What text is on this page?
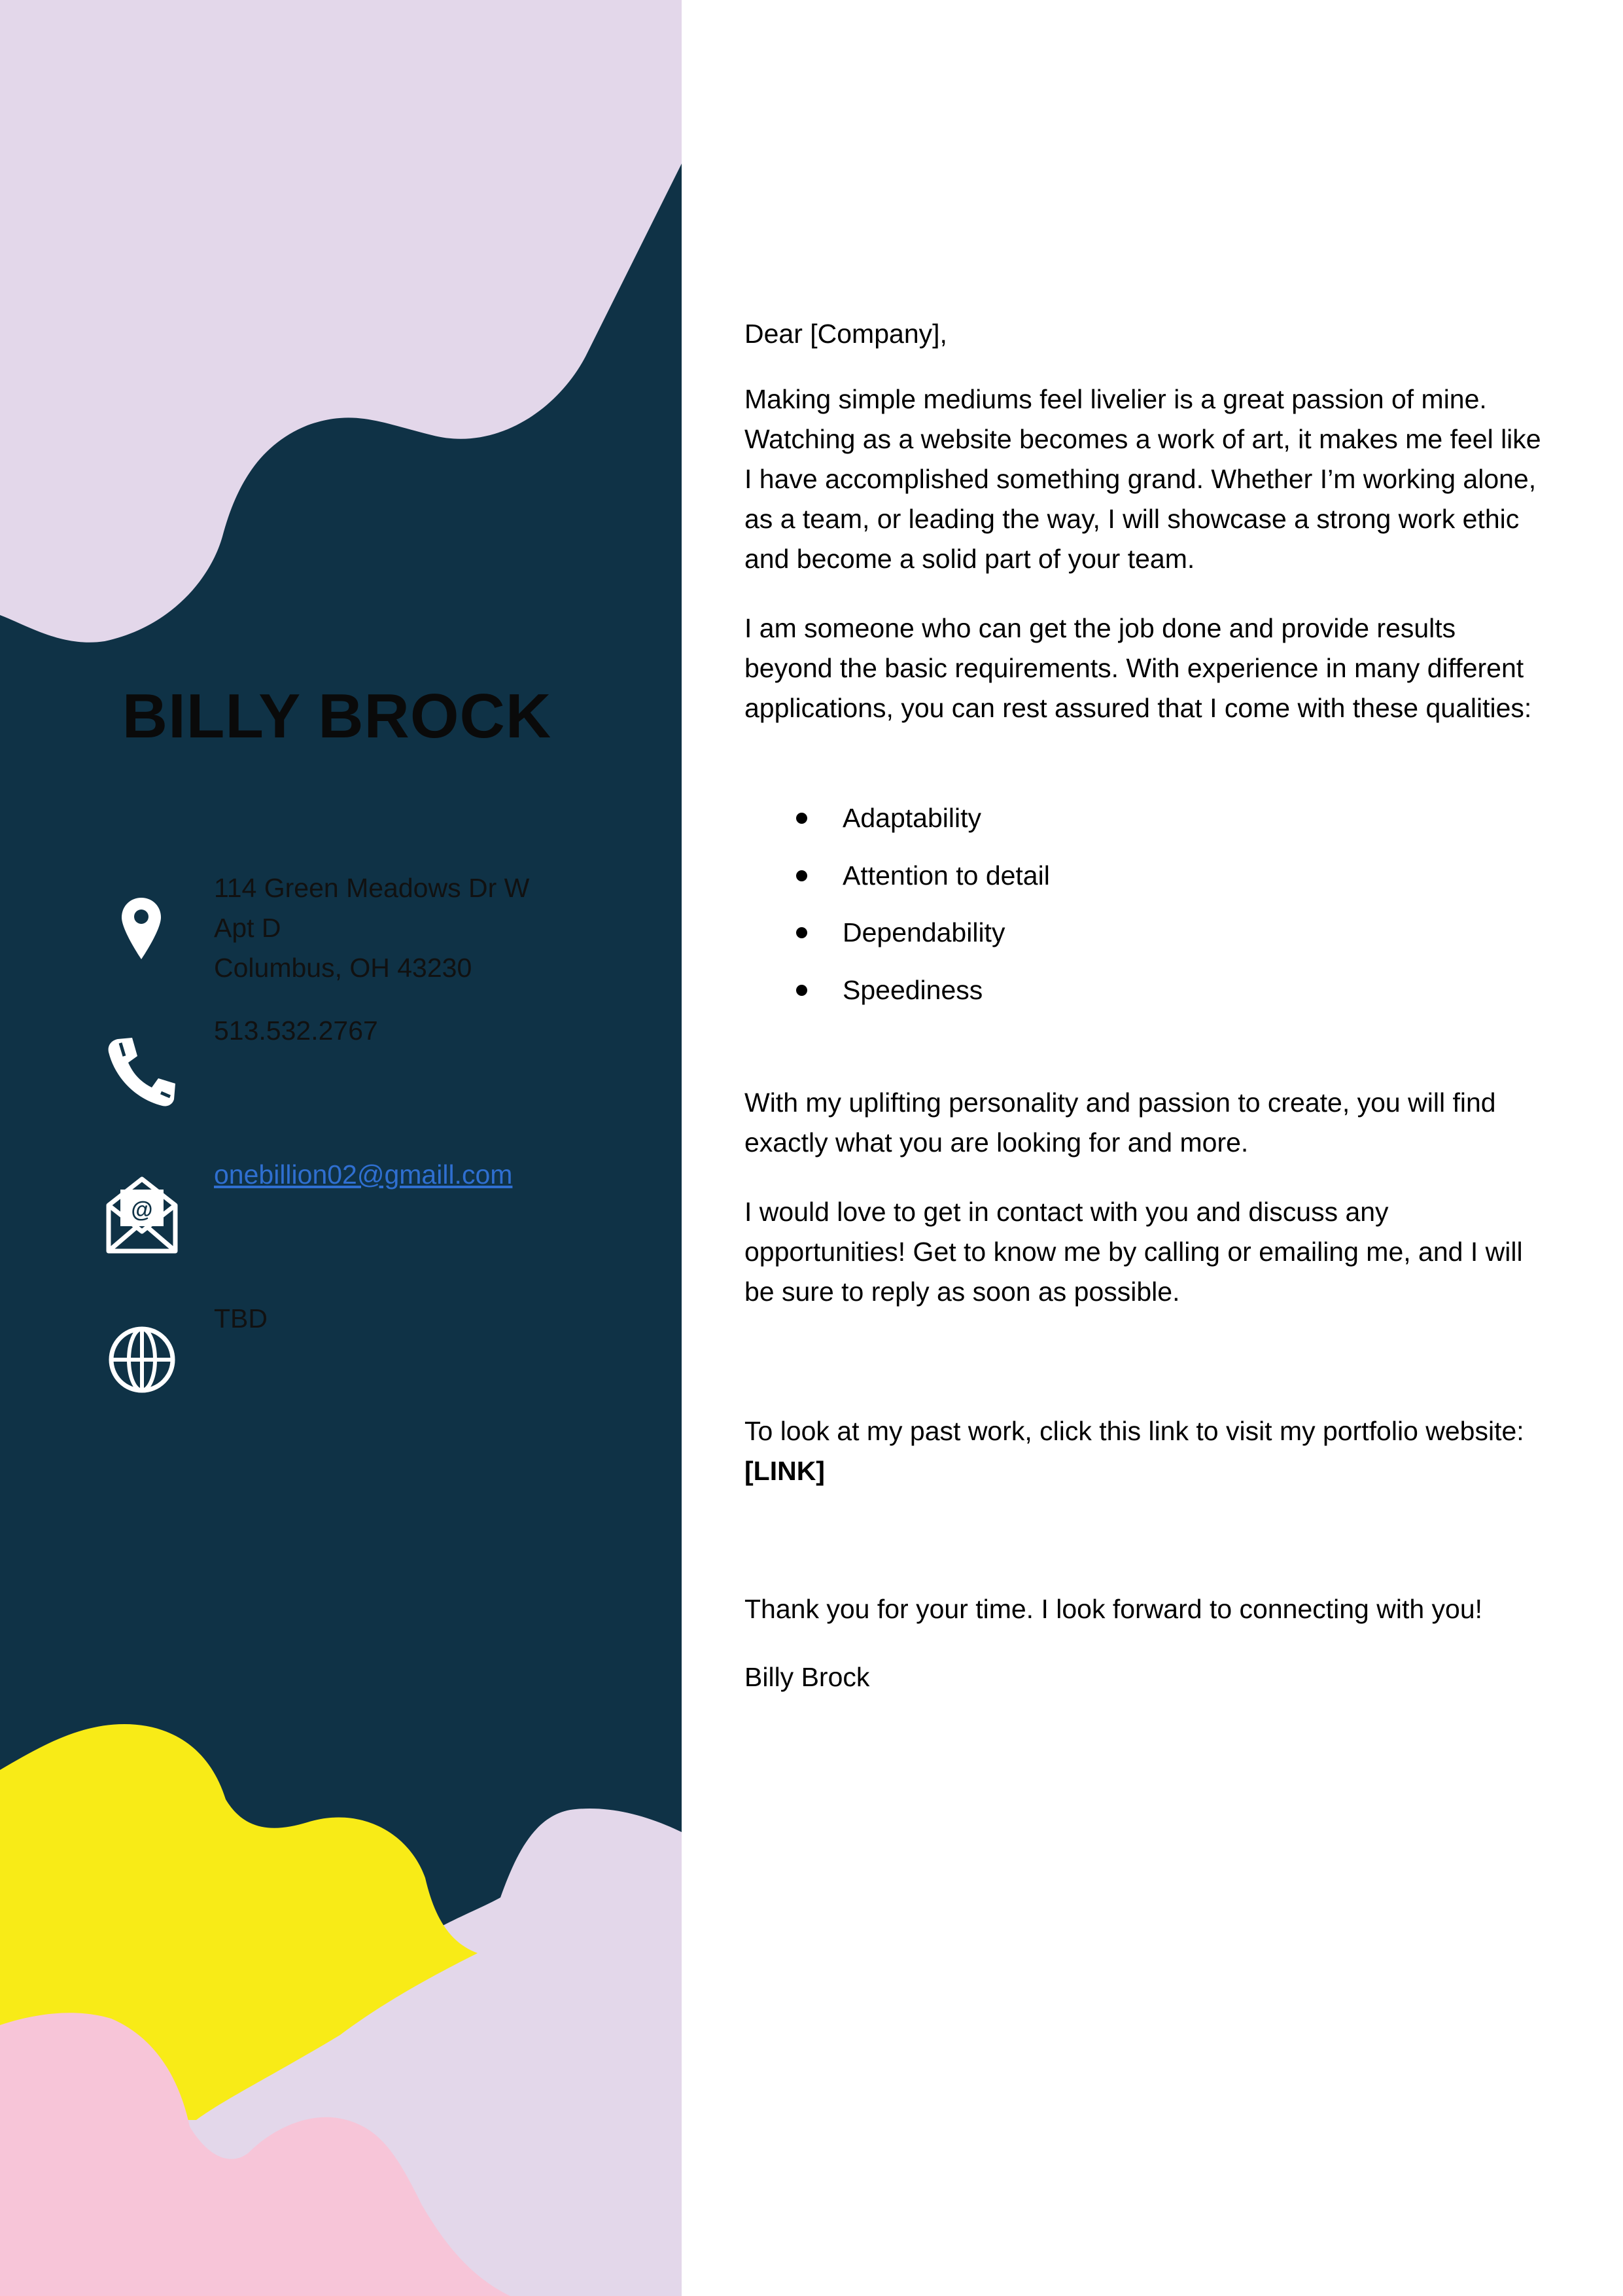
BILLY BROCK
114 Green Meadows Dr W
Apt D
Columbus, OH 43230
513.532.2767
@
onebillion02@gmaill.com
TBD

Dear [Company],

Making simple mediums feel livelier is a great passion of mine. Watching as a website becomes a work of art, it makes me feel like I have accomplished something grand. Whether I’m working alone, as a team, or leading the way, I will showcase a strong work ethic and become a solid part of your team.

I am someone who can get the job done and provide results beyond the basic requirements. With experience in many different applications, you can rest assured that I come with these qualities:

Adaptability
Attention to detail
Dependability
Speediness

With my uplifting personality and passion to create, you will find exactly what you are looking for and more.

I would love to get in contact with you and discuss any opportunities! Get to know me by calling or emailing me, and I will be sure to reply as soon as possible.

To look at my past work, click this link to visit my portfolio website: [LINK]

Thank you for your time. I look forward to connecting with you!

Billy Brock
